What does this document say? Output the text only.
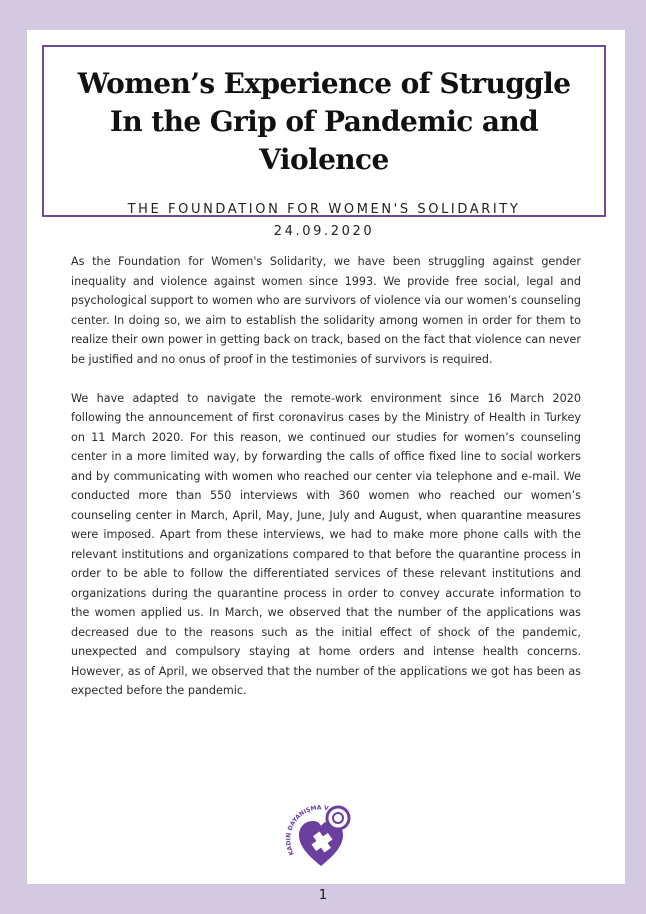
Women’s Experience of Struggle
In the Grip of Pandemic and Violence
THE FOUNDATION FOR WOMEN'S SOLIDARITY
24.09.2020

As the Foundation for Women's Solidarity, we have been struggling against gender inequality and violence against women since 1993. We provide free social, legal and psychological support to women who are survivors of violence via our women’s counseling center. In doing so, we aim to establish the solidarity among women in order for them to realize their own power in getting back on track, based on the fact that violence can never be justified and no onus of proof in the testimonies of survivors is required.

We have adapted to navigate the remote-work environment since 16 March 2020 following the announcement of first coronavirus cases by the Ministry of Health in Turkey on 11 March 2020. For this reason, we continued our studies for women’s counseling center in a more limited way, by forwarding the calls of office fixed line to social workers and by communicating with women who reached our center via telephone and e-mail. We conducted more than 550 interviews with 360 women who reached our women’s counseling center in March, April, May, June, July and August, when quarantine measures were imposed. Apart from these interviews, we had to make more phone calls with the relevant institutions and organizations compared to that before the quarantine process in order to be able to follow the differentiated services of these relevant institutions and organizations during the quarantine process in order to convey accurate information to the women applied us. In March, we observed that the number of the applications was decreased due to the reasons such as the initial effect of shock of the pandemic, unexpected and compulsory staying at home orders and intense health concerns. However, as of April, we observed that the number of the applications we got has been as expected before the pandemic.

KADIN DAYANIŞMA V
1
